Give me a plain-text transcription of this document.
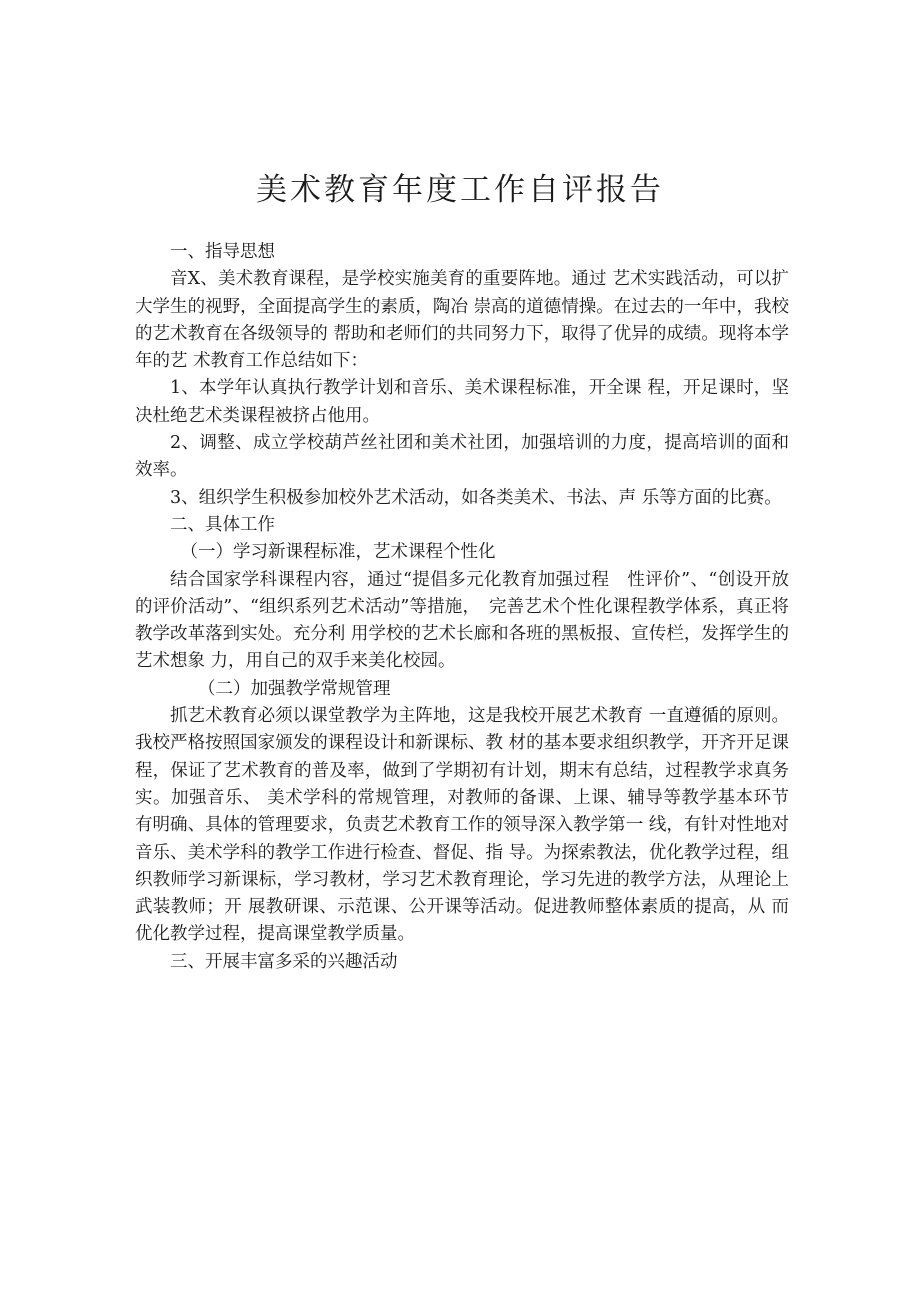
美术教育年度工作自评报告

一、指导思想

音X、美术教育课程，是学校实施美育的重要阵地。通过 艺术实践活动，可以扩大学生的视野，全面提高学生的素质，陶冶 崇高的道德情操。在过去的一年中，我校的艺术教育在各级领导的 帮助和老师们的共同努力下，取得了优异的成绩。现将本学年的艺 术教育工作总结如下：

1、本学年认真执行教学计划和音乐、美术课程标准，开全课 程，开足课时，坚决杜绝艺术类课程被挤占他用。

2、调整、成立学校葫芦丝社团和美术社团，加强培训的力度，提高培训的面和效率。

3、组织学生积极参加校外艺术活动，如各类美术、书法、声 乐等方面的比赛。

二、具体工作

（一）学习新课程标准，艺术课程个性化

结合国家学科课程内容，通过“提倡多元化教育加强过程　性评价”、“创设开放的评价活动”、“组织系列艺术活动”等措施，　完善艺术个性化课程教学体系，真正将教学改革落到实处。充分利 用学校的艺术长廊和各班的黑板报、宣传栏，发挥学生的艺术想象 力，用自己的双手来美化校园。

（二）加强教学常规管理

抓艺术教育必须以课堂教学为主阵地，这是我校开展艺术教育 一直遵循的原则。我校严格按照国家颁发的课程设计和新课标、教 材的基本要求组织教学，开齐开足课程，保证了艺术教育的普及率，做到了学期初有计划，期末有总结，过程教学求真务实。加强音乐、 美术学科的常规管理，对教师的备课、上课、辅导等教学基本环节 有明确、具体的管理要求，负责艺术教育工作的领导深入教学第一 线，有针对性地对音乐、美术学科的教学工作进行检查、督促、指 导。为探索教法，优化教学过程，组织教师学习新课标，学习教材，学习艺术教育理论，学习先进的教学方法，从理论上武装教师；开 展教研课、示范课、公开课等活动。促进教师整体素质的提高，从 而优化教学过程，提高课堂教学质量。

三、开展丰富多采的兴趣活动
